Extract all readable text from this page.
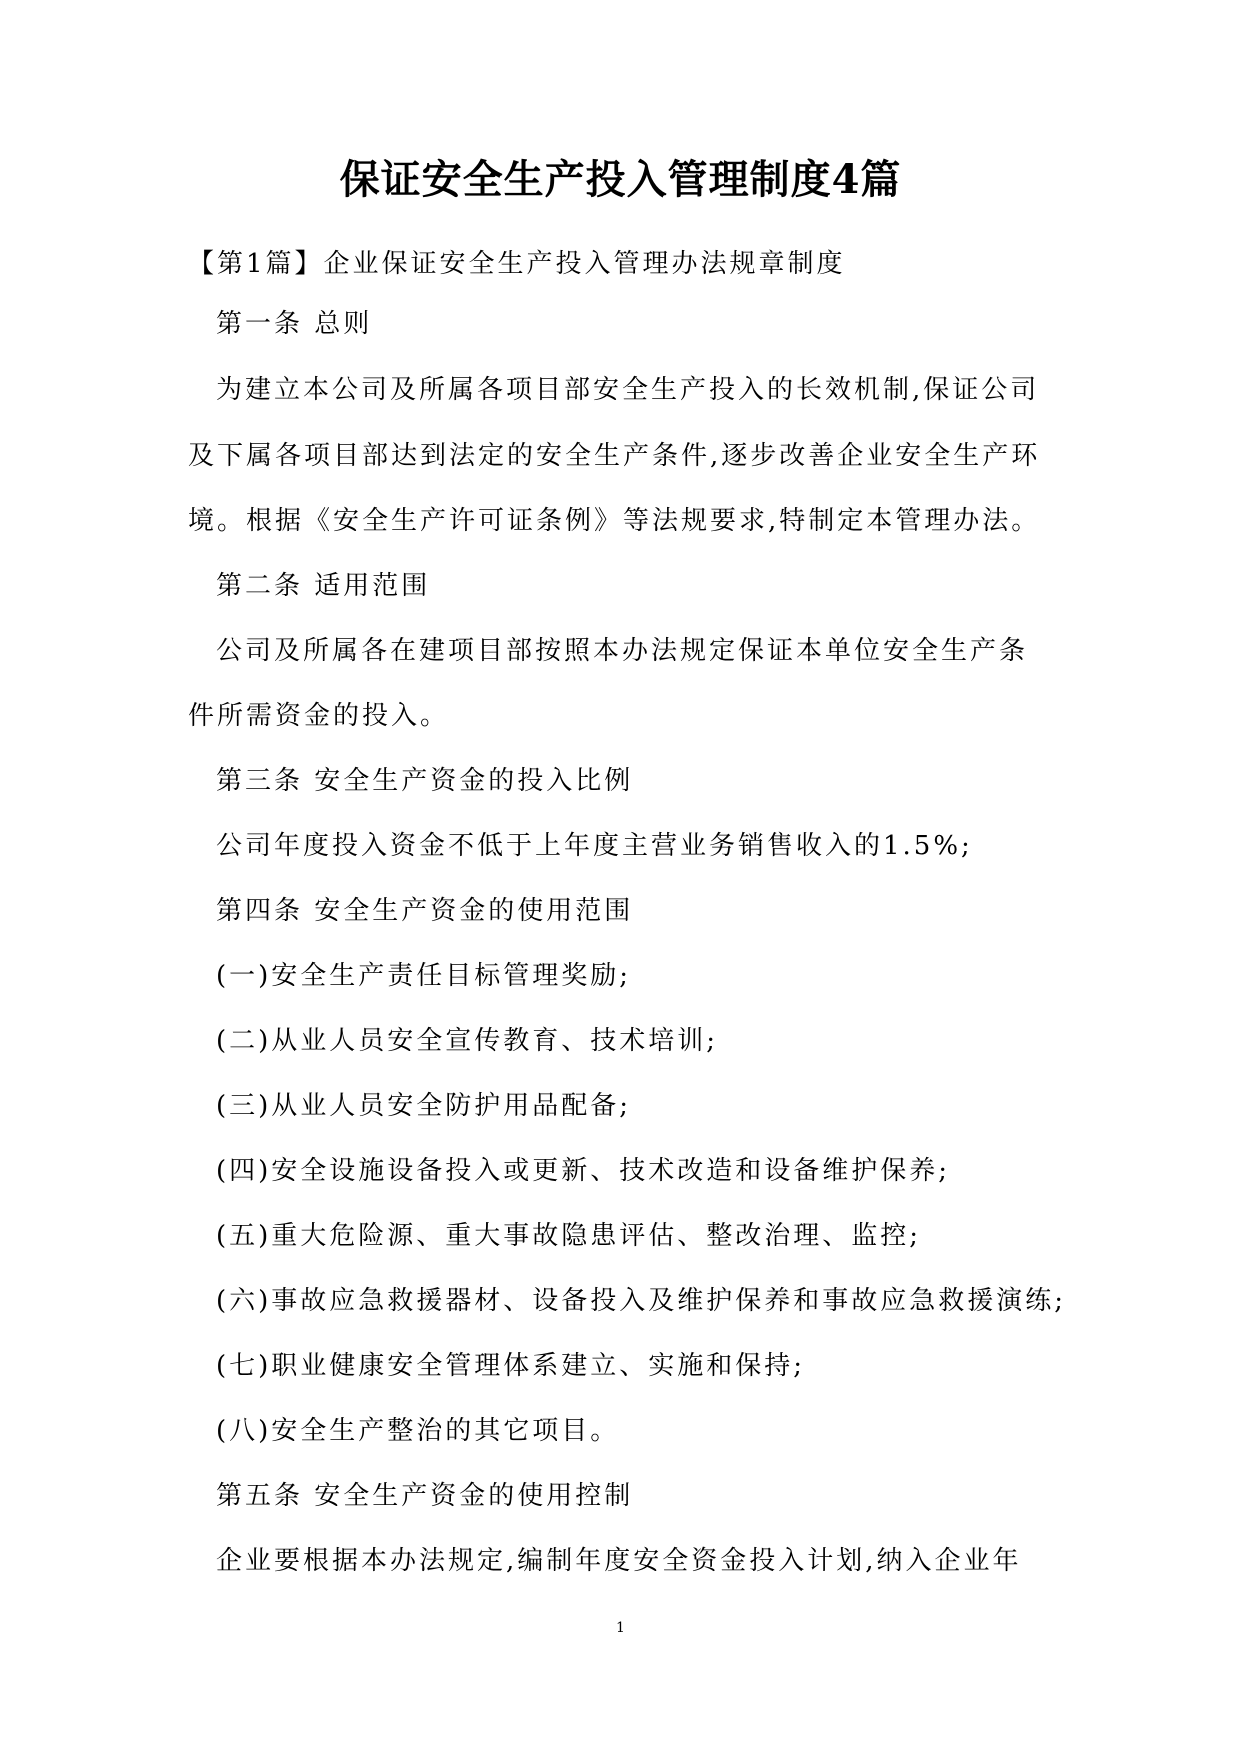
保证安全生产投入管理制度4篇
【第1篇】企业保证安全生产投入管理办法规章制度
第一条 总则
为建立本公司及所属各项目部安全生产投入的长效机制,保证公司
及下属各项目部达到法定的安全生产条件,逐步改善企业安全生产环
境。根据《安全生产许可证条例》等法规要求,特制定本管理办法。
第二条 适用范围
公司及所属各在建项目部按照本办法规定保证本单位安全生产条
件所需资金的投入。
第三条 安全生产资金的投入比例
公司年度投入资金不低于上年度主营业务销售收入的1.5%;
第四条 安全生产资金的使用范围
(一)安全生产责任目标管理奖励;
(二)从业人员安全宣传教育、技术培训;
(三)从业人员安全防护用品配备;
(四)安全设施设备投入或更新、技术改造和设备维护保养;
(五)重大危险源、重大事故隐患评估、整改治理、监控;
(六)事故应急救援器材、设备投入及维护保养和事故应急救援演练;
(七)职业健康安全管理体系建立、实施和保持;
(八)安全生产整治的其它项目。
第五条 安全生产资金的使用控制
企业要根据本办法规定,编制年度安全资金投入计划,纳入企业年
1
